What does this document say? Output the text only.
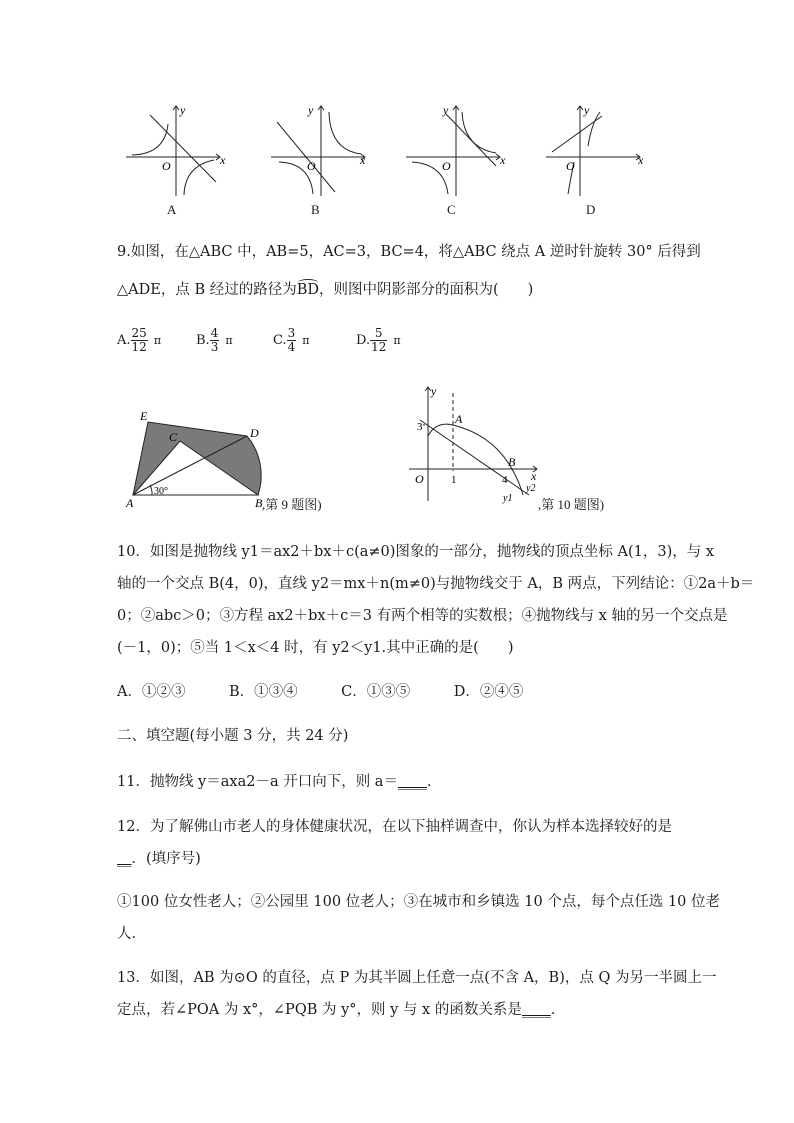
y
x
O
A
y
x
O
B
y
x
O
C
y
x
O
D
9.如图，在△ABC 中，AB=5，AC=3，BC=4，将△ABC 绕点 A 逆时针旋转 30° 后得到
△ADE，点 B 经过的路径为BD，则图中阴影部分的面积为(　　)
A. $\frac{25}{12}$ π	B. $\frac{4}{3}$ π	C. $\frac{3}{4}$ π	D. $\frac{5}{12}$ π
E
C	D
A	B
30°
,第 9 题图)
y
x
O
3
1	4
A
B
y1
y2
,第 10 题图)
10．如图是抛物线 y1＝ax2＋bx＋c(a≠0)图象的一部分，抛物线的顶点坐标 A(1，3)，与 x
轴的一个交点 B(4，0)，直线 y2＝mx＋n(m≠0)与抛物线交于 A，B 两点，下列结论：①2a＋b＝
0；②abc＞0；③方程 ax2＋bx＋c＝3 有两个相等的实数根；④抛物线与 x 轴的另一个交点是
(－1，0)；⑤当 1＜x＜4 时，有 y2＜y1.其中正确的是(　　)
A．①②③　　　B．①③④　　　C．①③⑤　　　D．②④⑤
二、填空题(每小题 3 分，共 24 分)
11．抛物线 y＝axa2－a 开口向下，则 a＝____．
12．为了解佛山市老人的身体健康状况，在以下抽样调查中，你认为样本选择较好的是
__．(填序号)
①100 位女性老人；②公园里 100 位老人；③在城市和乡镇选 10 个点，每个点任选 10 位老
人．
13．如图，AB 为⊙O 的直径，点 P 为其半圆上任意一点(不含 A，B)，点 Q 为另一半圆上一
定点，若∠POA 为 x°，∠PQB 为 y°，则 y 与 x 的函数关系是____．
